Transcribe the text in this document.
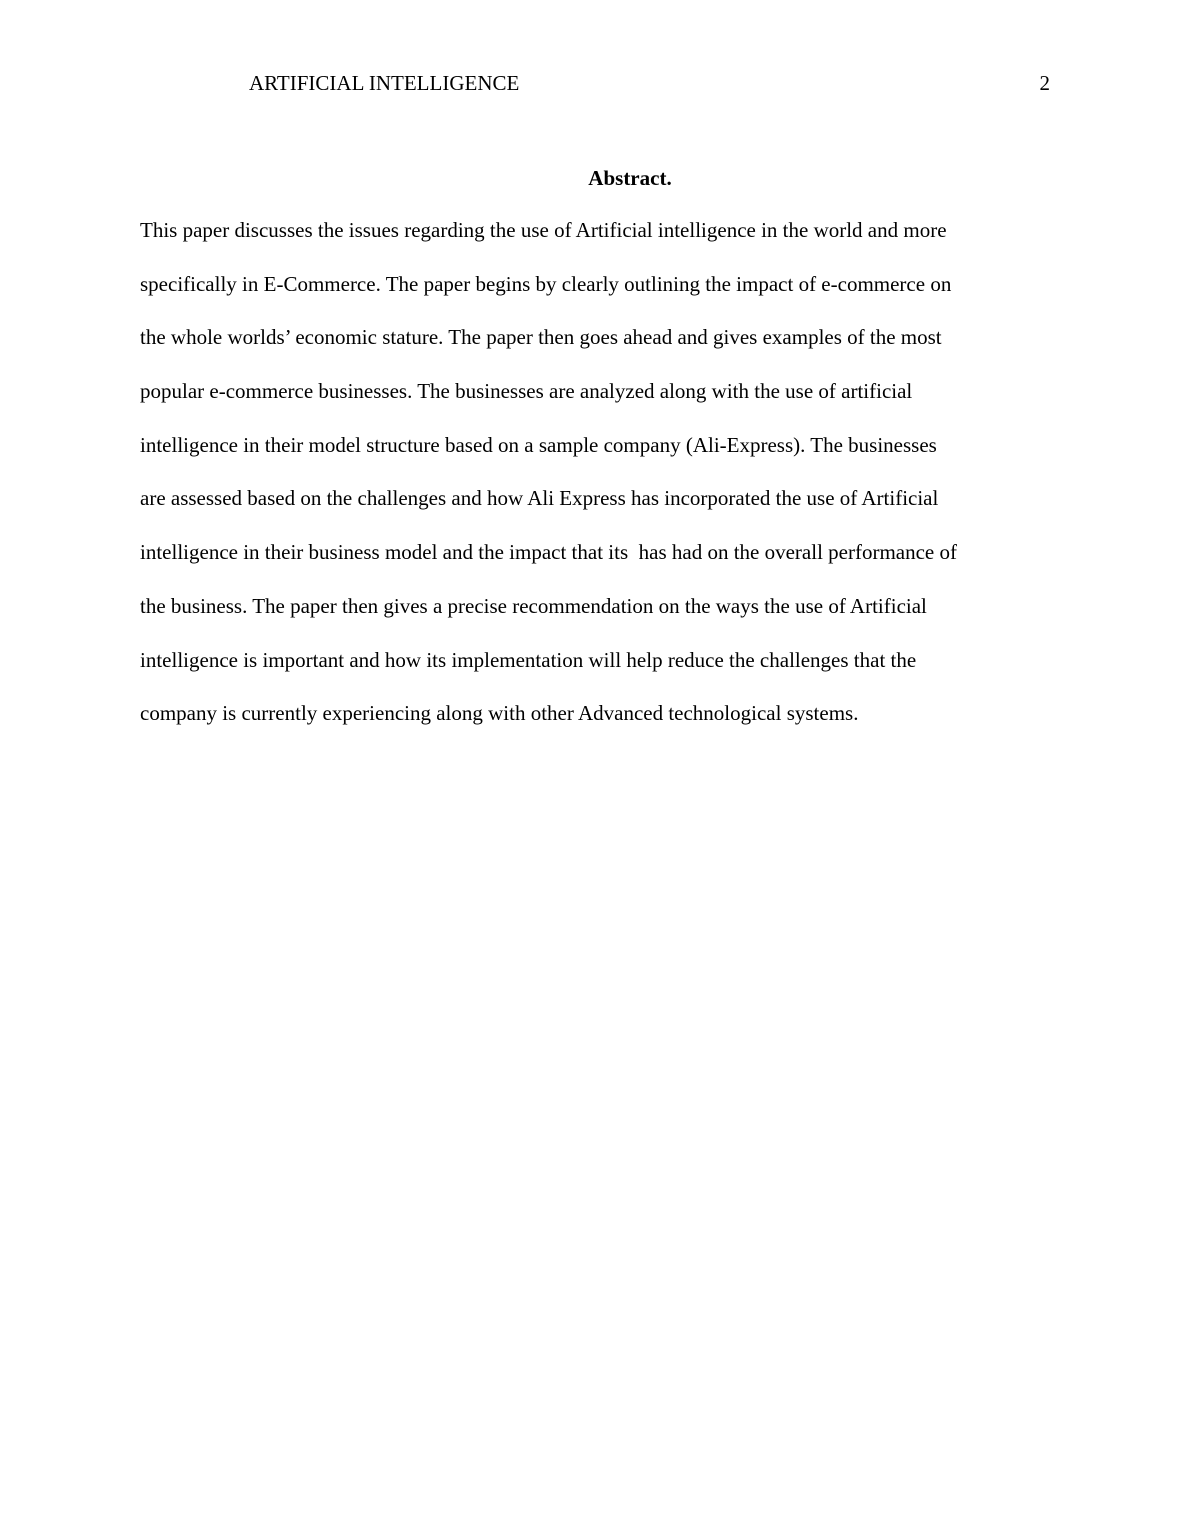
ARTIFICIAL INTELLIGENCE	2
Abstract.
This paper discusses the issues regarding the use of Artificial intelligence in the world and more
specifically in E-Commerce. The paper begins by clearly outlining the impact of e-commerce on
the whole worlds’ economic stature. The paper then goes ahead and gives examples of the most
popular e-commerce businesses. The businesses are analyzed along with the use of artificial
intelligence in their model structure based on a sample company (Ali-Express). The businesses
are assessed based on the challenges and how Ali Express has incorporated the use of Artificial
intelligence in their business model and the impact that its  has had on the overall performance of
the business. The paper then gives a precise recommendation on the ways the use of Artificial
intelligence is important and how its implementation will help reduce the challenges that the
company is currently experiencing along with other Advanced technological systems.
